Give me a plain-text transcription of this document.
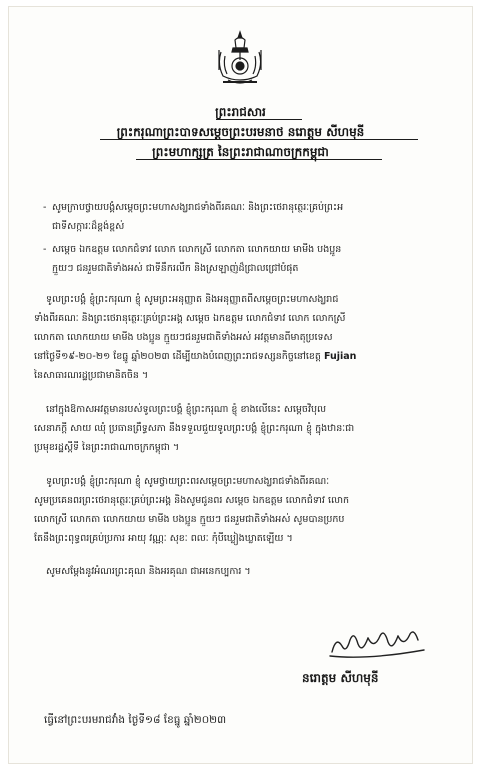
ព្រះរាជសារ
ព្រះករុណាព្រះបាទសម្តេចព្រះបរមនាថ នរោត្តម សីហមុនី
ព្រះមហាក្សត្រ នៃព្រះរាជាណាចក្រកម្ពុជា
- សូមក្រាបថ្វាយបង្គំសម្តេចព្រះមហាសង្ឃរាជទាំងពីរគណៈ និងព្រះថេរានុត្ថេរៈគ្រប់ព្រះអ
ជាទីសក្ការៈដ៏ខ្ពង់ខ្ពស់
- សម្តេច ឯកឧត្តម លោកជំទាវ លោក លោកស្រី លោកតា លោកយាយ មាមីង បងប្អូន
ក្មួយៗ ជនរួមជាតិទាំងអស់ ជាទីនឹករលឹក និងស្រឡាញ់ដ៏ជ្រាលជ្រៅបំផុត
ទូលព្រះបង្គំ ខ្ញុំព្រះករុណា ខ្ញុំ សូមព្រះអនុញ្ញាត និងអនុញ្ញាតពីសម្តេចព្រះមហាសង្ឃរាជ
ទាំងពីរគណៈ និងព្រះថេរានុត្ថេរៈគ្រប់ព្រះអង្គ សម្តេច ឯកឧត្តម លោកជំទាវ លោក លោកស្រី
លោកតា លោកយាយ មាមីង បងប្អូន ក្មួយៗជនរួមជាតិទាំងអស់ អវត្តមានពីមាតុប្រទេស
នៅថ្ងៃទី១៩-២០-២១ ខែធ្នូ ឆ្នាំ២០២៣ ដើម្បីយាងបំពេញព្រះរាជទស្សនកិច្ចនៅខេត្ត Fujian
នៃសាធារណរដ្ឋប្រជាមានិតចិន ។
នៅក្នុងឱកាសអវត្តមានរបស់ទូលព្រះបង្គំ ខ្ញុំព្រះករុណា ខ្ញុំ ខាងលើនេះ សម្តេចវិបុល
សេនាភក្តី សាយ ឈុំ ប្រធានព្រឹទ្ធសភា នឹងទទួលជួយទូលព្រះបង្គំ ខ្ញុំព្រះករុណា ខ្ញុំ ក្នុងឋានៈជា
ប្រមុខរដ្ឋស្តីទី នៃព្រះរាជាណាចក្រកម្ពុជា ។
ទូលព្រះបង្គំ ខ្ញុំព្រះករុណា ខ្ញុំ សូមថ្វាយព្រះពរសម្តេចព្រះមហាសង្ឃរាជទាំងពីរគណៈ
សូមប្រគេនពរព្រះថេរានុត្ថេរៈគ្រប់ព្រះអង្គ និងសូមជូនពរ សម្តេច ឯកឧត្តម លោកជំទាវ លោក
លោកស្រី លោកតា លោកយាយ មាមីង បងប្អូន ក្មួយៗ ជនរួមជាតិទាំងអស់ សូមបានប្រកប
តែនឹងព្រះពុទ្ធពរគ្រប់ប្រការ អាយុ វណ្ណៈ សុខៈ ពលៈ កុំបីឃ្លៀងឃ្លាតឡើយ ។
សូមសម្តែងនូវអំណរព្រះគុណ និងអរគុណ ជាអនេកប្បការ ។
នរោត្តម សីហមុនី
ធ្វើនៅព្រះបរមរាជវាំង ថ្ងៃទី១៨ ខែធ្នូ ឆ្នាំ២០២៣
